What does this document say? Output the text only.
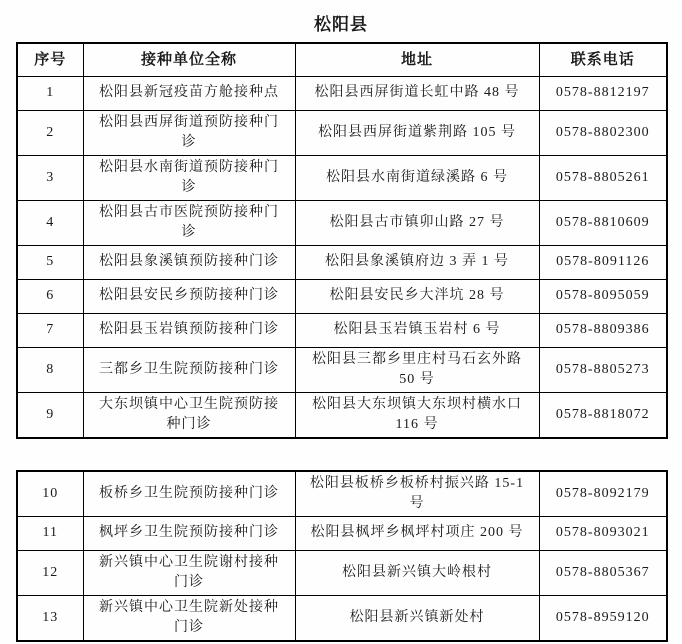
松阳县
序号	接种单位全称	地址	联系电话
1	松阳县新冠疫苗方舱接种点	松阳县西屏街道长虹中路 48 号	0578-8812197
2	松阳县西屏街道预防接种门诊	松阳县西屏街道紫荆路 105 号	0578-8802300
3	松阳县水南街道预防接种门诊	松阳县水南街道绿溪路 6 号	0578-8805261
4	松阳县古市医院预防接种门诊	松阳县古市镇卯山路 27 号	0578-8810609
5	松阳县象溪镇预防接种门诊	松阳县象溪镇府边 3 弄 1 号	0578-8091126
6	松阳县安民乡预防接种门诊	松阳县安民乡大泮坑 28 号	0578-8095059
7	松阳县玉岩镇预防接种门诊	松阳县玉岩镇玉岩村 6 号	0578-8809386
8	三都乡卫生院预防接种门诊	松阳县三都乡里庄村马石玄外路 50 号	0578-8805273
9	大东坝镇中心卫生院预防接种门诊	松阳县大东坝镇大东坝村横水口 116 号	0578-8818072
10	板桥乡卫生院预防接种门诊	松阳县板桥乡板桥村振兴路 15-1 号	0578-8092179
11	枫坪乡卫生院预防接种门诊	松阳县枫坪乡枫坪村项庄 200 号	0578-8093021
12	新兴镇中心卫生院谢村接种门诊	松阳县新兴镇大岭根村	0578-8805367
13	新兴镇中心卫生院新处接种门诊	松阳县新兴镇新处村	0578-8959120
